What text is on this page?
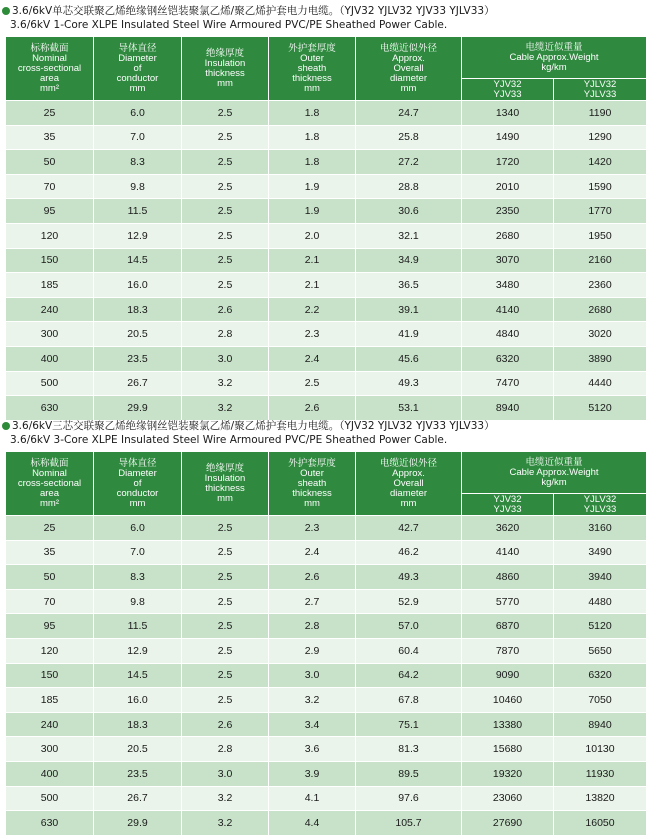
3.6/6kV单芯交联聚乙烯绝缘钢丝铠装聚氯乙烯/聚乙烯护套电力电缆。（YJV32 YJLV32 YJV33 YJLV33）
3.6/6kV 1-Core XLPE Insulated Steel Wire Armoured PVC/PE Sheathed Power Cable.
标称截面
Nominal
cross-sectional
area
mm²	导体直径
Diameter
of
conductor
mm	绝缘厚度
Insulation
thickness
mm	外护套厚度
Outer
sheath
thickness
mm	电缆近似外径
Approx.
Overall
diameter
mm	电缆近似重量
Cable Approx.Weight
kg/km	

					YJV32
YJV33	YJLV32
YJLV33

25	6.0	2.5	1.8	24.7	1340	1190
35	7.0	2.5	1.8	25.8	1490	1290
50	8.3	2.5	1.8	27.2	1720	1420
70	9.8	2.5	1.9	28.8	2010	1590
95	11.5	2.5	1.9	30.6	2350	1770
120	12.9	2.5	2.0	32.1	2680	1950
150	14.5	2.5	2.1	34.9	3070	2160
185	16.0	2.5	2.1	36.5	3480	2360
240	18.3	2.6	2.2	39.1	4140	2680
300	20.5	2.8	2.3	41.9	4840	3020
400	23.5	3.0	2.4	45.6	6320	3890
500	26.7	3.2	2.5	49.3	7470	4440
630	29.9	3.2	2.6	53.1	8940	5120
3.6/6kV三芯交联聚乙烯绝缘钢丝铠装聚氯乙烯/聚乙烯护套电力电缆。（YJV32 YJLV32 YJV33 YJLV33）
3.6/6kV 3-Core XLPE Insulated Steel Wire Armoured PVC/PE Sheathed Power Cable.
标称截面
Nominal
cross-sectional
area
mm²	导体直径
Diameter
of
conductor
mm	绝缘厚度
Insulation
thickness
mm	外护套厚度
Outer
sheath
thickness
mm	电缆近似外径
Approx.
Overall
diameter
mm	电缆近似重量
Cable Approx.Weight
kg/km	

					YJV32
YJV33	YJLV32
YJLV33

25	6.0	2.5	2.3	42.7	3620	3160
35	7.0	2.5	2.4	46.2	4140	3490
50	8.3	2.5	2.6	49.3	4860	3940
70	9.8	2.5	2.7	52.9	5770	4480
95	11.5	2.5	2.8	57.0	6870	5120
120	12.9	2.5	2.9	60.4	7870	5650
150	14.5	2.5	3.0	64.2	9090	6320
185	16.0	2.5	3.2	67.8	10460	7050
240	18.3	2.6	3.4	75.1	13380	8940
300	20.5	2.8	3.6	81.3	15680	10130
400	23.5	3.0	3.9	89.5	19320	11930
500	26.7	3.2	4.1	97.6	23060	13820
630	29.9	3.2	4.4	105.7	27690	16050
